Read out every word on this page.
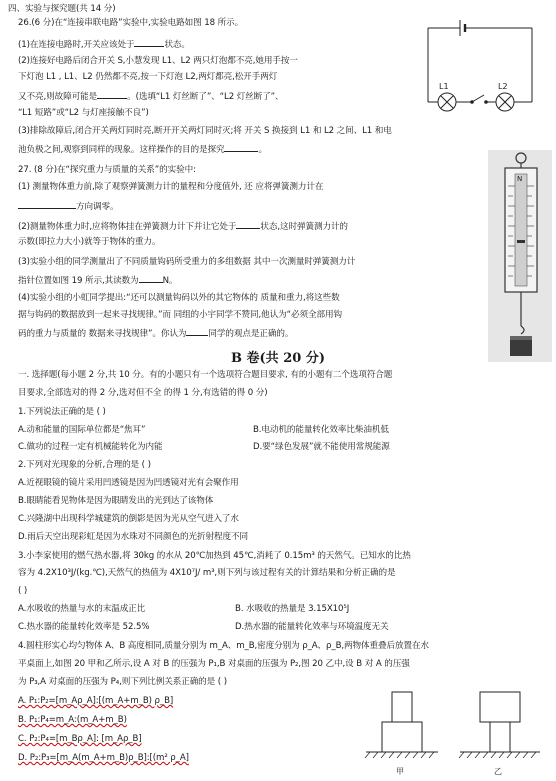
四、实验与探究题(共 14 分)
26.(6 分)在“连接串联电路”实验中,实验电路如图 18 所示。
(1)在连接电路时,开关应该处于	状态。
(2)连接好电路后闭合开关 S,小慧发现 L1、L2 两只灯泡都不亮,她用手按一
下灯泡 L1 , L1、L2 仍然都不亮,按一下灯泡 L2,两灯都亮,松开手两灯
又不亮,则故障可能是	。(选填“L1 灯丝断了”、“L2 灯丝断了”、
“L1 短路”或“L2 与灯座接触不良”)
(3)排除故障后,闭合开关两灯同时亮,断开开关两灯同时灭;将 开关 S 换接到 L1 和 L2 之间、L1 和电
池负极之间,观察到同样的现象。这样操作的目的是探究	。
L1	L2
27. (8 分)在“探究重力与质量的关系”的实验中:
(1) 测量物体重力前,除了观察弹簧测力计的量程和分度值外, 还 应将弹簧测力计在
方向调零。
(2)测量物体重力时,应将物体挂在弹簧测力计下并让它处于	状态,这时弹簧测力计的
示数(即拉力大小)就等于物体的重力。
(3)实验小组的同学测量出了不同质量钩码所受重力的多组数据 其中一次测量时弹簧测力计
指针位置如图 19 所示,其读数为	N。
(4)实验小组的小虹同学提出:“还可以测量钩码以外的其它物体的 质量和重力,将这些数
据与钩码的数据放到一起来寻找规律。”而 同组的小宇同学不赞同,他认为“必须全部用钩
码的重力与质量的 数据来寻找规律”。你认为	同学的观点是正确的。
N
B 卷(共 20 分)
一. 选择题(每小题 2 分,共 10 分。有的小题只有一个选项符合题目要求, 有的小题有二个选项符合题
目要求,全部选对的得 2 分,选对但不全 的得 1 分,有选错的得 0 分)
1.下列说法正确的是 ( )
A.动和能量的国际单位都是“焦耳”	B.电动机的能量转化效率比柴油机低
C.做功的过程一定有机械能转化为内能	D.要“绿色发展”就不能使用常规能源
2.下列对光现象的分析,合理的是 ( )
A.近视眼镜的镜片采用凹透镜是因为凹透镜对光有会聚作用
B.眼睛能看见物体是因为眼睛发出的光到达了该物体
C.兴隆湖中出现科学城建筑的倒影是因为光从空气进入了水
D.雨后天空出现彩虹是因为水珠对不同颜色的光折射程度不同
3.小李家使用的燃气热水器,将 30kg 的水从 20℃加热到 45℃,消耗了 0.15m³ 的天然气。已知水的比热
容为 4.2X10³J/(kg.℃),天然气的热值为 4X10⁷J/ m³,则下列与该过程有关的计算结果和分析正确的是
( )
A.水吸收的热量与水的末温成正比	B. 水吸收的热量是 3.15X10⁵J
C.热水器的能量转化效率是 52.5%	D.热水器的能量转化效率与环境温度无关
4.圆柱形实心均匀物体 A、B 高度相同,质量分别为 m_A、m_B,密度分别为 ρ_A、ρ_B,两物体重叠后放置在水
平桌面上,如图 20 甲和乙所示,设 A 对 B 的压强为 P₁,B 对桌面的压强为 P₂,图 20 乙中,设 B 对 A 的压强
为 P₃,A 对桌面的压强为 P₄,则下列比例关系正确的是 ( )
A. P₁:P₂=[m_Aρ_A]:[(m_A+m_B) ρ_B]
B. P₁:P₄=m_A:(m_A+m_B)
C. P₂:P₄=[m_Bρ_A]: [m_Aρ_B]
D. P₂:P₃=[m_A(m_A+m_B)ρ_B]:[(m² ρ_A]
甲	乙
